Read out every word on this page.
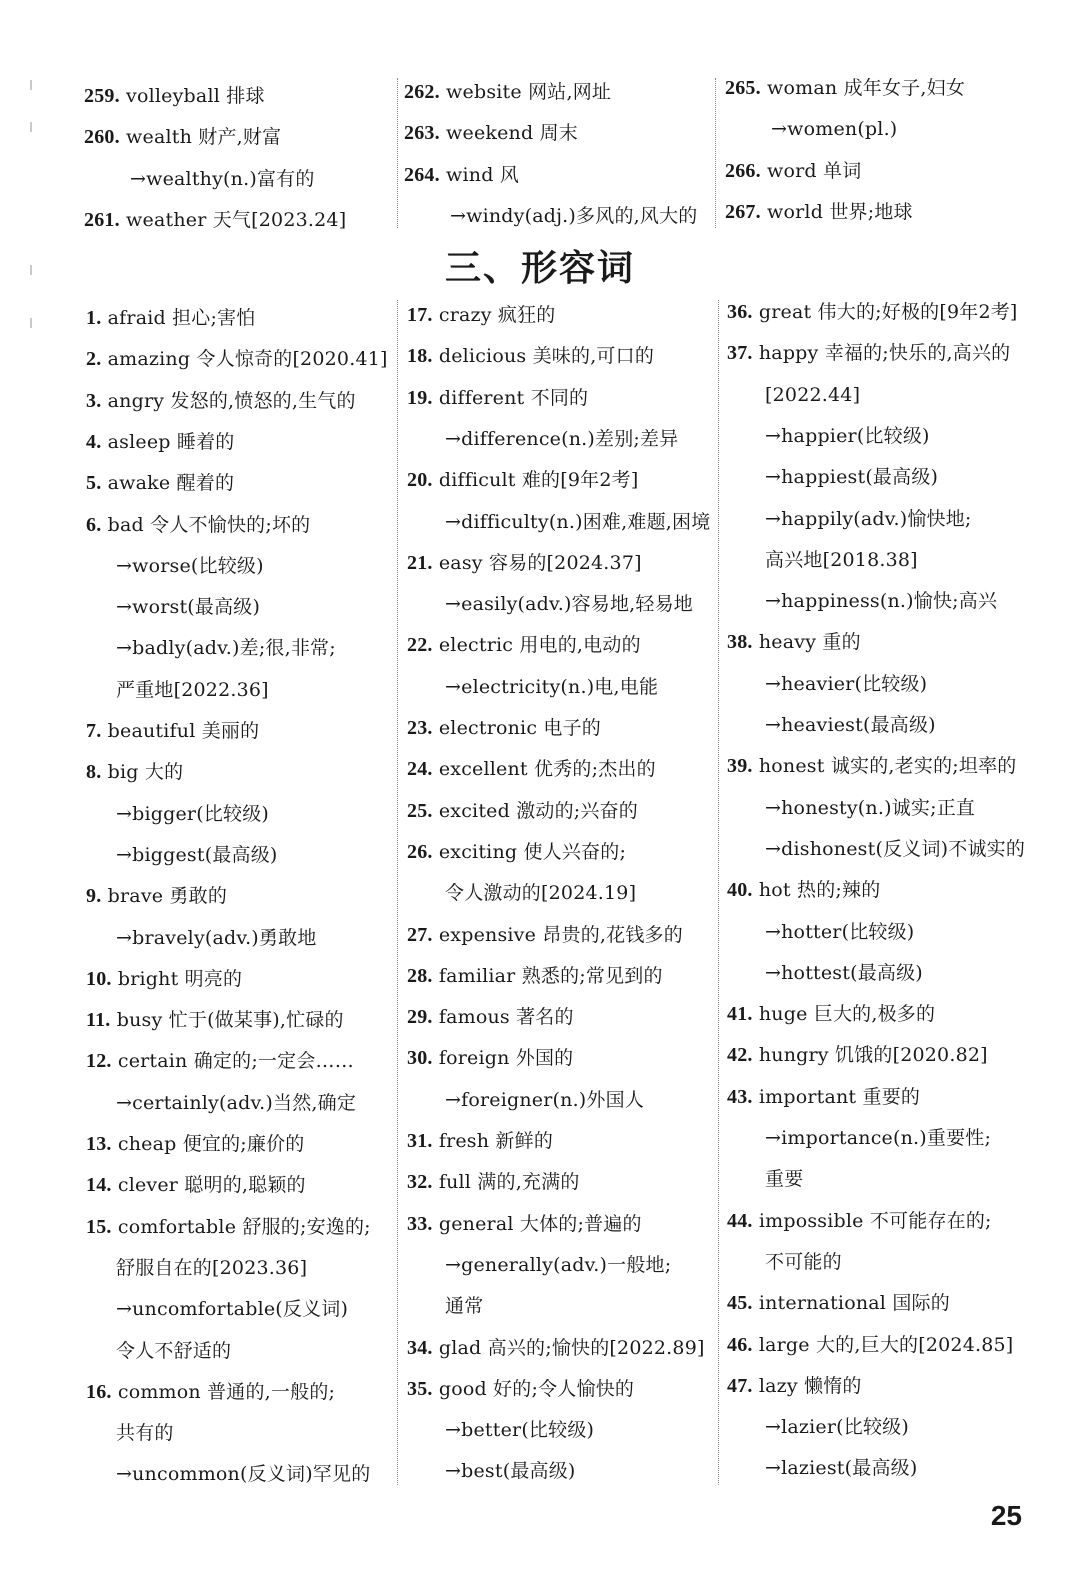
三、形容词
25
259. volleyball 排球
260. wealth 财产,财富
→wealthy(n.)富有的
261. weather 天气[2023.24]
262. website 网站,网址
263. weekend 周末
264. wind 风
→windy(adj.)多风的,风大的
265. woman 成年女子,妇女
→women(pl.)
266. word 单词
267. world 世界;地球
1. afraid 担心;害怕
2. amazing 令人惊奇的[2020.41]
3. angry 发怒的,愤怒的,生气的
4. asleep 睡着的
5. awake 醒着的
6. bad 令人不愉快的;坏的
→worse(比较级)
→worst(最高级)
→badly(adv.)差;很,非常;
严重地[2022.36]
7. beautiful 美丽的
8. big 大的
→bigger(比较级)
→biggest(最高级)
9. brave 勇敢的
→bravely(adv.)勇敢地
10. bright 明亮的
11. busy 忙于(做某事),忙碌的
12. certain 确定的;一定会……
→certainly(adv.)当然,确定
13. cheap 便宜的;廉价的
14. clever 聪明的,聪颖的
15. comfortable 舒服的;安逸的;
舒服自在的[2023.36]
→uncomfortable(反义词)
令人不舒适的
16. common 普通的,一般的;
共有的
→uncommon(反义词)罕见的
17. crazy 疯狂的
18. delicious 美味的,可口的
19. different 不同的
→difference(n.)差别;差异
20. difficult 难的[9年2考]
→difficulty(n.)困难,难题,困境
21. easy 容易的[2024.37]
→easily(adv.)容易地,轻易地
22. electric 用电的,电动的
→electricity(n.)电,电能
23. electronic 电子的
24. excellent 优秀的;杰出的
25. excited 激动的;兴奋的
26. exciting 使人兴奋的;
令人激动的[2024.19]
27. expensive 昂贵的,花钱多的
28. familiar 熟悉的;常见到的
29. famous 著名的
30. foreign 外国的
→foreigner(n.)外国人
31. fresh 新鲜的
32. full 满的,充满的
33. general 大体的;普遍的
→generally(adv.)一般地;
通常
34. glad 高兴的;愉快的[2022.89]
35. good 好的;令人愉快的
→better(比较级)
→best(最高级)
36. great 伟大的;好极的[9年2考]
37. happy 幸福的;快乐的,高兴的
[2022.44]
→happier(比较级)
→happiest(最高级)
→happily(adv.)愉快地;
高兴地[2018.38]
→happiness(n.)愉快;高兴
38. heavy 重的
→heavier(比较级)
→heaviest(最高级)
39. honest 诚实的,老实的;坦率的
→honesty(n.)诚实;正直
→dishonest(反义词)不诚实的
40. hot 热的;辣的
→hotter(比较级)
→hottest(最高级)
41. huge 巨大的,极多的
42. hungry 饥饿的[2020.82]
43. important 重要的
→importance(n.)重要性;
重要
44. impossible 不可能存在的;
不可能的
45. international 国际的
46. large 大的,巨大的[2024.85]
47. lazy 懒惰的
→lazier(比较级)
→laziest(最高级)
